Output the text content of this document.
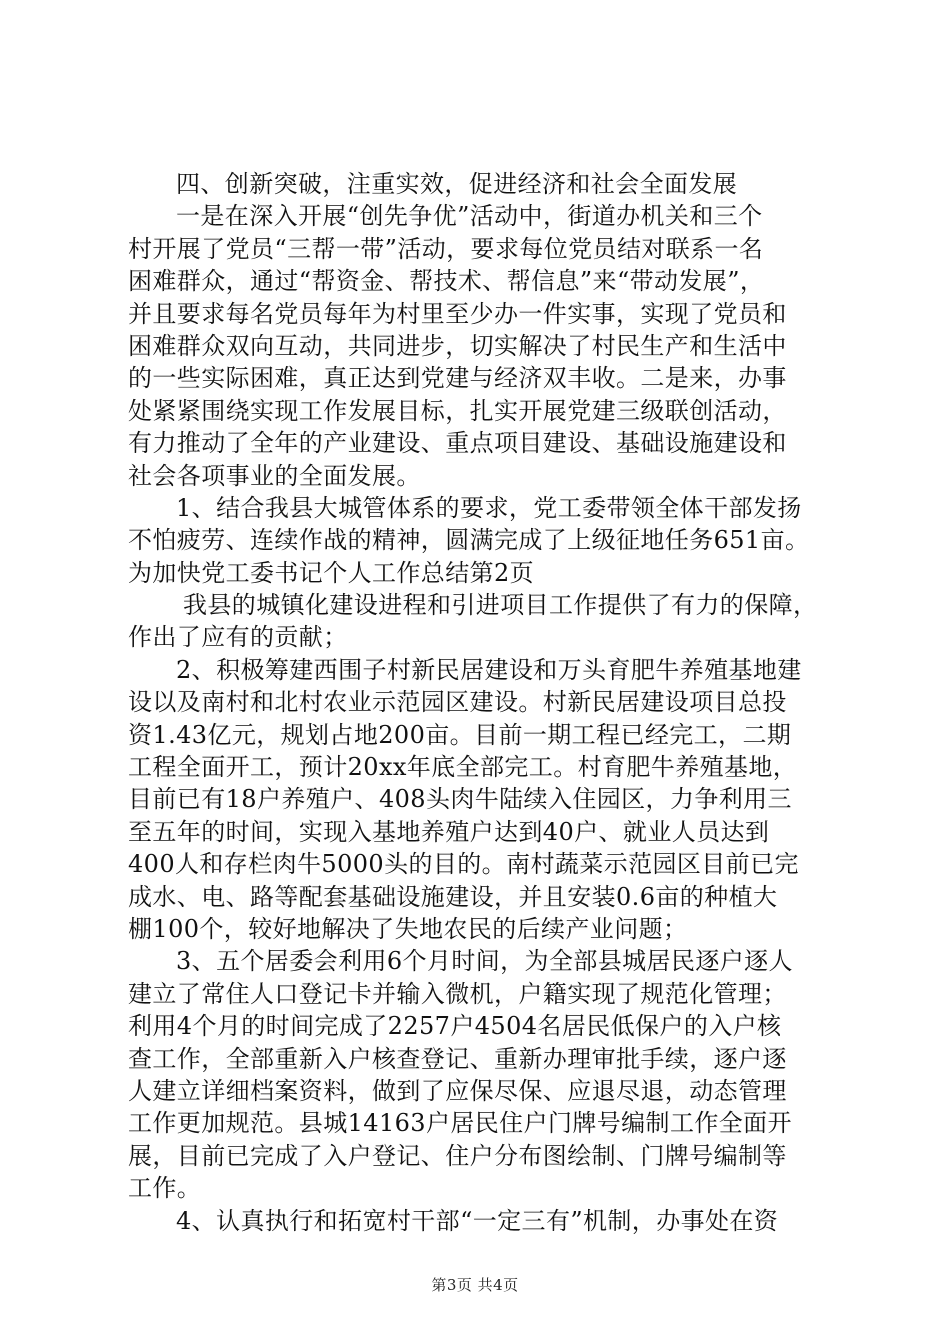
四、创新突破，注重实效，促进经济和社会全面发展
一是在深入开展“创先争优”活动中，街道办机关和三个
村开展了党员“三帮一带”活动，要求每位党员结对联系一名
困难群众，通过“帮资金、帮技术、帮信息”来“带动发展”，
并且要求每名党员每年为村里至少办一件实事，实现了党员和
困难群众双向互动，共同进步，切实解决了村民生产和生活中
的一些实际困难，真正达到党建与经济双丰收。二是来，办事
处紧紧围绕实现工作发展目标，扎实开展党建三级联创活动，
有力推动了全年的产业建设、重点项目建设、基础设施建设和
社会各项事业的全面发展。
1、结合我县大城管体系的要求，党工委带领全体干部发扬
不怕疲劳、连续作战的精神，圆满完成了上级征地任务651亩。
为加快党工委书记个人工作总结第2页
我县的城镇化建设进程和引进项目工作提供了有力的保障，
作出了应有的贡献；
2、积极筹建西围子村新民居建设和万头育肥牛养殖基地建
设以及南村和北村农业示范园区建设。村新民居建设项目总投
资1.43亿元，规划占地200亩。目前一期工程已经完工，二期
工程全面开工，预计20xx年底全部完工。村育肥牛养殖基地，
目前已有18户养殖户、408头肉牛陆续入住园区，力争利用三
至五年的时间，实现入基地养殖户达到40户、就业人员达到
400人和存栏肉牛5000头的目的。南村蔬菜示范园区目前已完
成水、电、路等配套基础设施建设，并且安装0.6亩的种植大
棚100个，较好地解决了失地农民的后续产业问题；
3、五个居委会利用6个月时间，为全部县城居民逐户逐人
建立了常住人口登记卡并输入微机，户籍实现了规范化管理；
利用4个月的时间完成了2257户4504名居民低保户的入户核
查工作，全部重新入户核查登记、重新办理审批手续，逐户逐
人建立详细档案资料，做到了应保尽保、应退尽退，动态管理
工作更加规范。县城14163户居民住户门牌号编制工作全面开
展，目前已完成了入户登记、住户分布图绘制、门牌号编制等
工作。
4、认真执行和拓宽村干部“一定三有”机制，办事处在资
第3页 共4页
